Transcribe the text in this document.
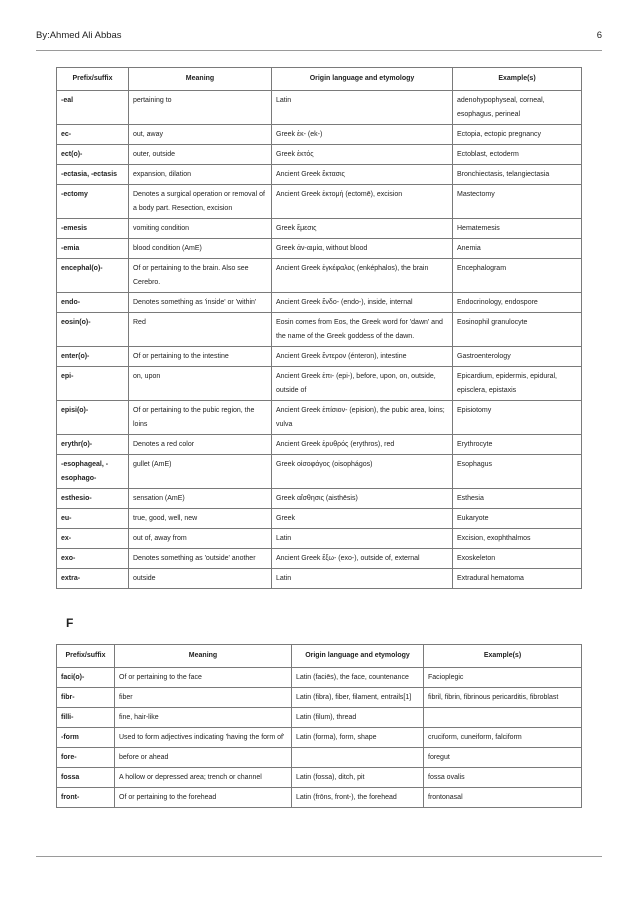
By:Ahmed Ali Abbas	6
Prefix/suffix	Meaning	Origin language and etymology	Example(s)
-eal	pertaining to	Latin	adenohypophyseal, corneal, esophagus, perineal
ec-	out, away	Greek ἐκ- (ek-)	Ectopia, ectopic pregnancy
ect(o)-	outer, outside	Greek ἐκτός	Ectoblast, ectoderm
-ectasia, -ectasis	expansion, dilation	Ancient Greek ἔκτασις	Bronchiectasis, telangiectasia
-ectomy	Denotes a surgical operation or removal of a body part. Resection, excision	Ancient Greek ἐκτομή (ectomē), excision	Mastectomy
-emesis	vomiting condition	Greek ἔμεσις	Hematemesis
-emia	blood condition (AmE)	Greek ἀν-αιμία, without blood	Anemia
encephal(o)-	Of or pertaining to the brain. Also see Cerebro.	Ancient Greek ἐγκέφαλος (enképhalos), the brain	Encephalogram
endo-	Denotes something as 'inside' or 'within'	Ancient Greek ἔνδο- (endo-), inside, internal	Endocrinology, endospore
eosin(o)-	Red	Eosin comes from Eos, the Greek word for 'dawn' and the name of the Greek goddess of the dawn.	Eosinophil granulocyte
enter(o)-	Of or pertaining to the intestine	Ancient Greek ἔντερον (énteron), intestine	Gastroenterology
epi-	on, upon	Ancient Greek ἐπι- (epi-), before, upon, on, outside, outside of	Epicardium, epidermis, epidural, episclera, epistaxis
episi(o)-	Of or pertaining to the pubic region, the loins	Ancient Greek ἐπίσιον- (epision), the pubic area, loins; vulva	Episiotomy
erythr(o)-	Denotes a red color	Ancient Greek ἐρυθρός (erythros), red	Erythrocyte
-esophageal, -esophago-	gullet (AmE)	Greek οἰσοφάγος (oisophágos)	Esophagus
esthesio-	sensation (AmE)	Greek αἴσθησις (aisthēsis)	Esthesia
eu-	true, good, well, new	Greek	Eukaryote
ex-	out of, away from	Latin	Excision, exophthalmos
exo-	Denotes something as 'outside' another	Ancient Greek ἔξω- (exo-), outside of, external	Exoskeleton
extra-	outside	Latin	Extradural hematoma
F
Prefix/suffix	Meaning	Origin language and etymology	Example(s)
faci(o)-	Of or pertaining to the face	Latin (faciēs), the face, countenance	Facioplegic
fibr-	fiber	Latin (fibra), fiber, filament, entrails[1]	fibril, fibrin, fibrinous pericarditis, fibroblast
filli-	fine, hair-like	Latin (filum), thread	
-form	Used to form adjectives indicating 'having the form of'	Latin (forma), form, shape	cruciform, cuneiform, falciform
fore-	before or ahead		foregut
fossa	A hollow or depressed area; trench or channel	Latin (fossa), ditch, pit	fossa ovalis
front-	Of or pertaining to the forehead	Latin (frōns, front-), the forehead	frontonasal
